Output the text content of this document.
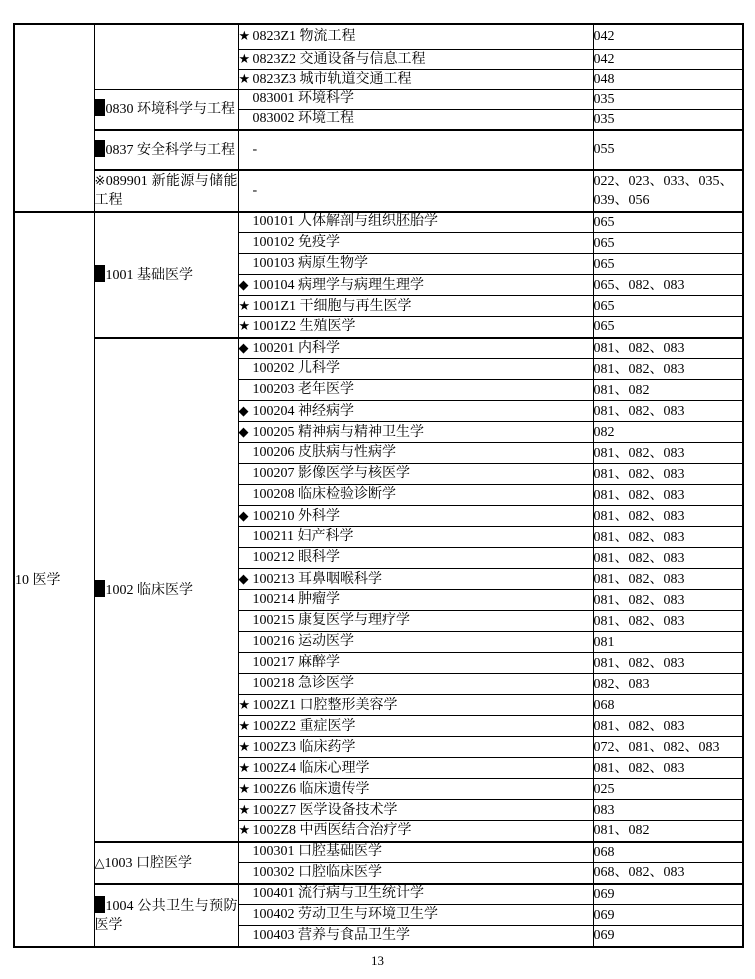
		★ 0823Z1 物流工程	042
		★ 0823Z2 交通设备与信息工程	042
		★ 0823Z3 城市轨道交通工程	048
	0830 环境科学与工程	083001 环境科学	035
		083002 环境工程	035
	0837 安全科学与工程	-	055
	※089901 新能源与储能工程	-	022、023、033、035、039、056
10 医学	1001 基础医学	100101 人体解剖与组织胚胎学	065
		100102 免疫学	065
		100103 病原生物学	065
		◆ 100104 病理学与病理生理学	065、082、083
		★ 1001Z1 干细胞与再生医学	065
		★ 1001Z2 生殖医学	065
	1002 临床医学	◆ 100201 内科学	081、082、083
		100202 儿科学	081、082、083
		100203 老年医学	081、082
		◆ 100204 神经病学	081、082、083
		◆ 100205 精神病与精神卫生学	082
		100206 皮肤病与性病学	081、082、083
		100207 影像医学与核医学	081、082、083
		100208 临床检验诊断学	081、082、083
		◆ 100210 外科学	081、082、083
		100211 妇产科学	081、082、083
		100212 眼科学	081、082、083
		◆ 100213 耳鼻咽喉科学	081、082、083
		100214 肿瘤学	081、082、083
		100215 康复医学与理疗学	081、082、083
		100216 运动医学	081
		100217 麻醉学	081、082、083
		100218 急诊医学	082、083
		★ 1002Z1 口腔整形美容学	068
		★ 1002Z2 重症医学	081、082、083
		★ 1002Z3 临床药学	072、081、082、083
		★ 1002Z4 临床心理学	081、082、083
		★ 1002Z6 临床遗传学	025
		★ 1002Z7 医学设备技术学	083
		★ 1002Z8 中西医结合治疗学	081、082
	△1003 口腔医学	100301 口腔基础医学	068
		100302 口腔临床医学	068、082、083
	1004 公共卫生与预防医学	100401 流行病与卫生统计学	069
		100402 劳动卫生与环境卫生学	069
		100403 营养与食品卫生学	069
13
